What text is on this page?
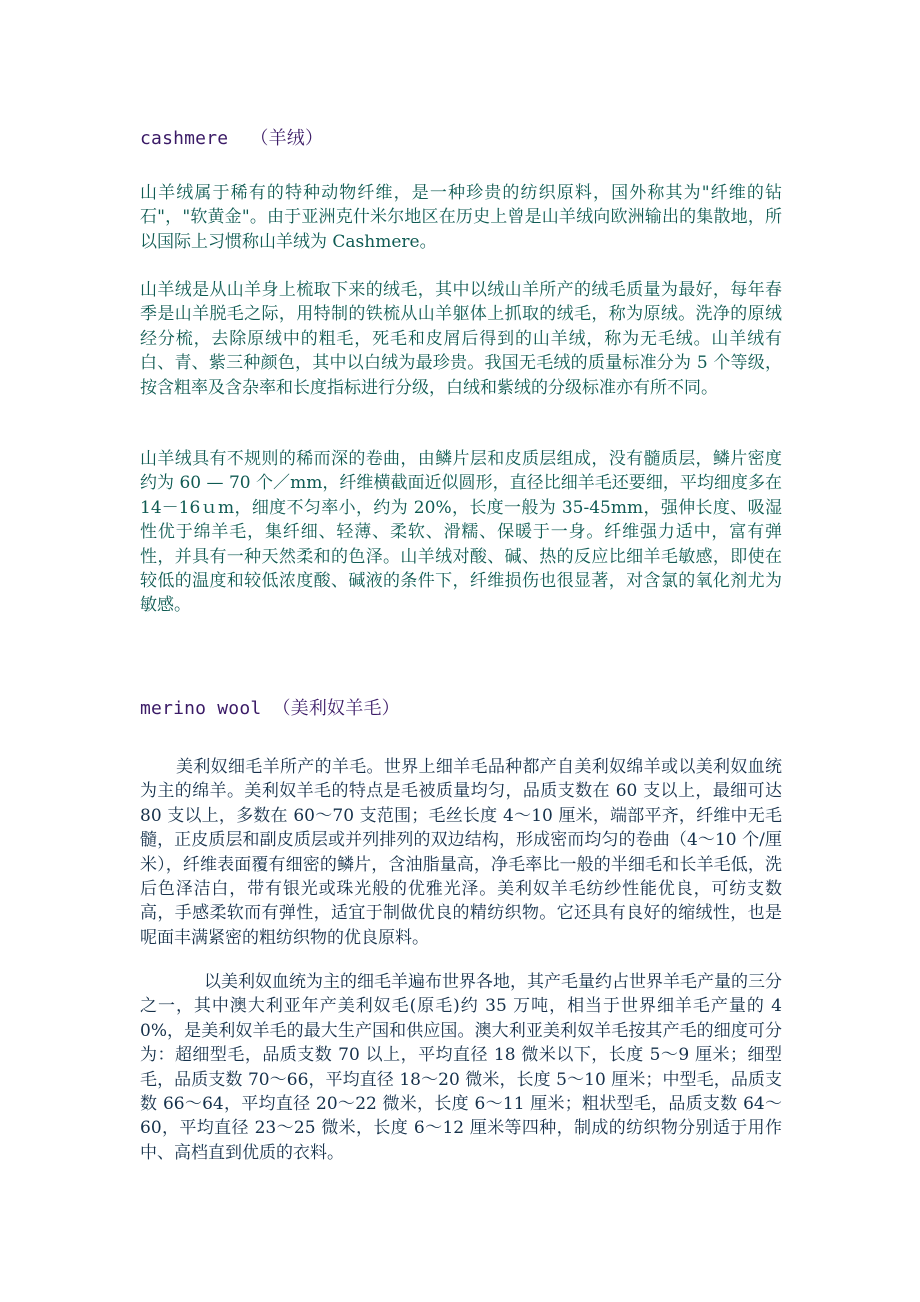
cashmere  （羊绒）

山羊绒属于稀有的特种动物纤维，是一种珍贵的纺织原料，国外称其为"纤维的钻石"，"软黄金"。由于亚洲克什米尔地区在历史上曾是山羊绒向欧洲输出的集散地，所以国际上习惯称山羊绒为 Cashmere。

山羊绒是从山羊身上梳取下来的绒毛，其中以绒山羊所产的绒毛质量为最好，每年春季是山羊脱毛之际，用特制的铁梳从山羊躯体上抓取的绒毛，称为原绒。洗净的原绒经分梳，去除原绒中的粗毛，死毛和皮屑后得到的山羊绒，称为无毛绒。山羊绒有白、青、紫三种颜色，其中以白绒为最珍贵。我国无毛绒的质量标准分为 5 个等级，按含粗率及含杂率和长度指标进行分级，白绒和紫绒的分级标准亦有所不同。

山羊绒具有不规则的稀而深的卷曲，由鳞片层和皮质层组成，没有髓质层，鳞片密度约为 60 — 70 个／mm，纤维横截面近似圆形，直径比细羊毛还要细，平均细度多在 14－16ｕm，细度不匀率小，约为 20%，长度一般为 35-45mm，强伸长度、吸湿性优于绵羊毛，集纤细、轻薄、柔软、滑糯、保暖于一身。纤维强力适中，富有弹性，并具有一种天然柔和的色泽。山羊绒对酸、碱、热的反应比细羊毛敏感，即使在较低的温度和较低浓度酸、碱液的条件下，纤维损伤也很显著，对含氯的氧化剂尤为敏感。

merino wool （美利奴羊毛）

美利奴细毛羊所产的羊毛。世界上细羊毛品种都产自美利奴绵羊或以美利奴血统为主的绵羊。美利奴羊毛的特点是毛被质量均匀，品质支数在 60 支以上，最细可达 80 支以上，多数在 60～70 支范围；毛丝长度 4～10 厘米，端部平齐，纤维中无毛髓，正皮质层和副皮质层或并列排列的双边结构，形成密而均匀的卷曲（4～10 个/厘米），纤维表面覆有细密的鳞片，含油脂量高，净毛率比一般的半细毛和长羊毛低，洗后色泽洁白，带有银光或珠光般的优雅光泽。美利奴羊毛纺纱性能优良，可纺支数高，手感柔软而有弹性，适宜于制做优良的精纺织物。它还具有良好的缩绒性，也是呢面丰满紧密的粗纺织物的优良原料。

以美利奴血统为主的细毛羊遍布世界各地，其产毛量约占世界羊毛产量的三分之一，其中澳大利亚年产美利奴毛(原毛)约 35 万吨，相当于世界细羊毛产量的 40%，是美利奴羊毛的最大生产国和供应国。澳大利亚美利奴羊毛按其产毛的细度可分为：超细型毛，品质支数 70 以上，平均直径 18 微米以下，长度 5～9 厘米；细型毛，品质支数 70～66，平均直径 18～20 微米，长度 5～10 厘米；中型毛，品质支数 66～64，平均直径 20～22 微米，长度 6～11 厘米；粗状型毛，品质支数 64～60，平均直径 23～25 微米，长度 6～12 厘米等四种，制成的纺织物分别适于用作中、高档直到优质的衣料。
